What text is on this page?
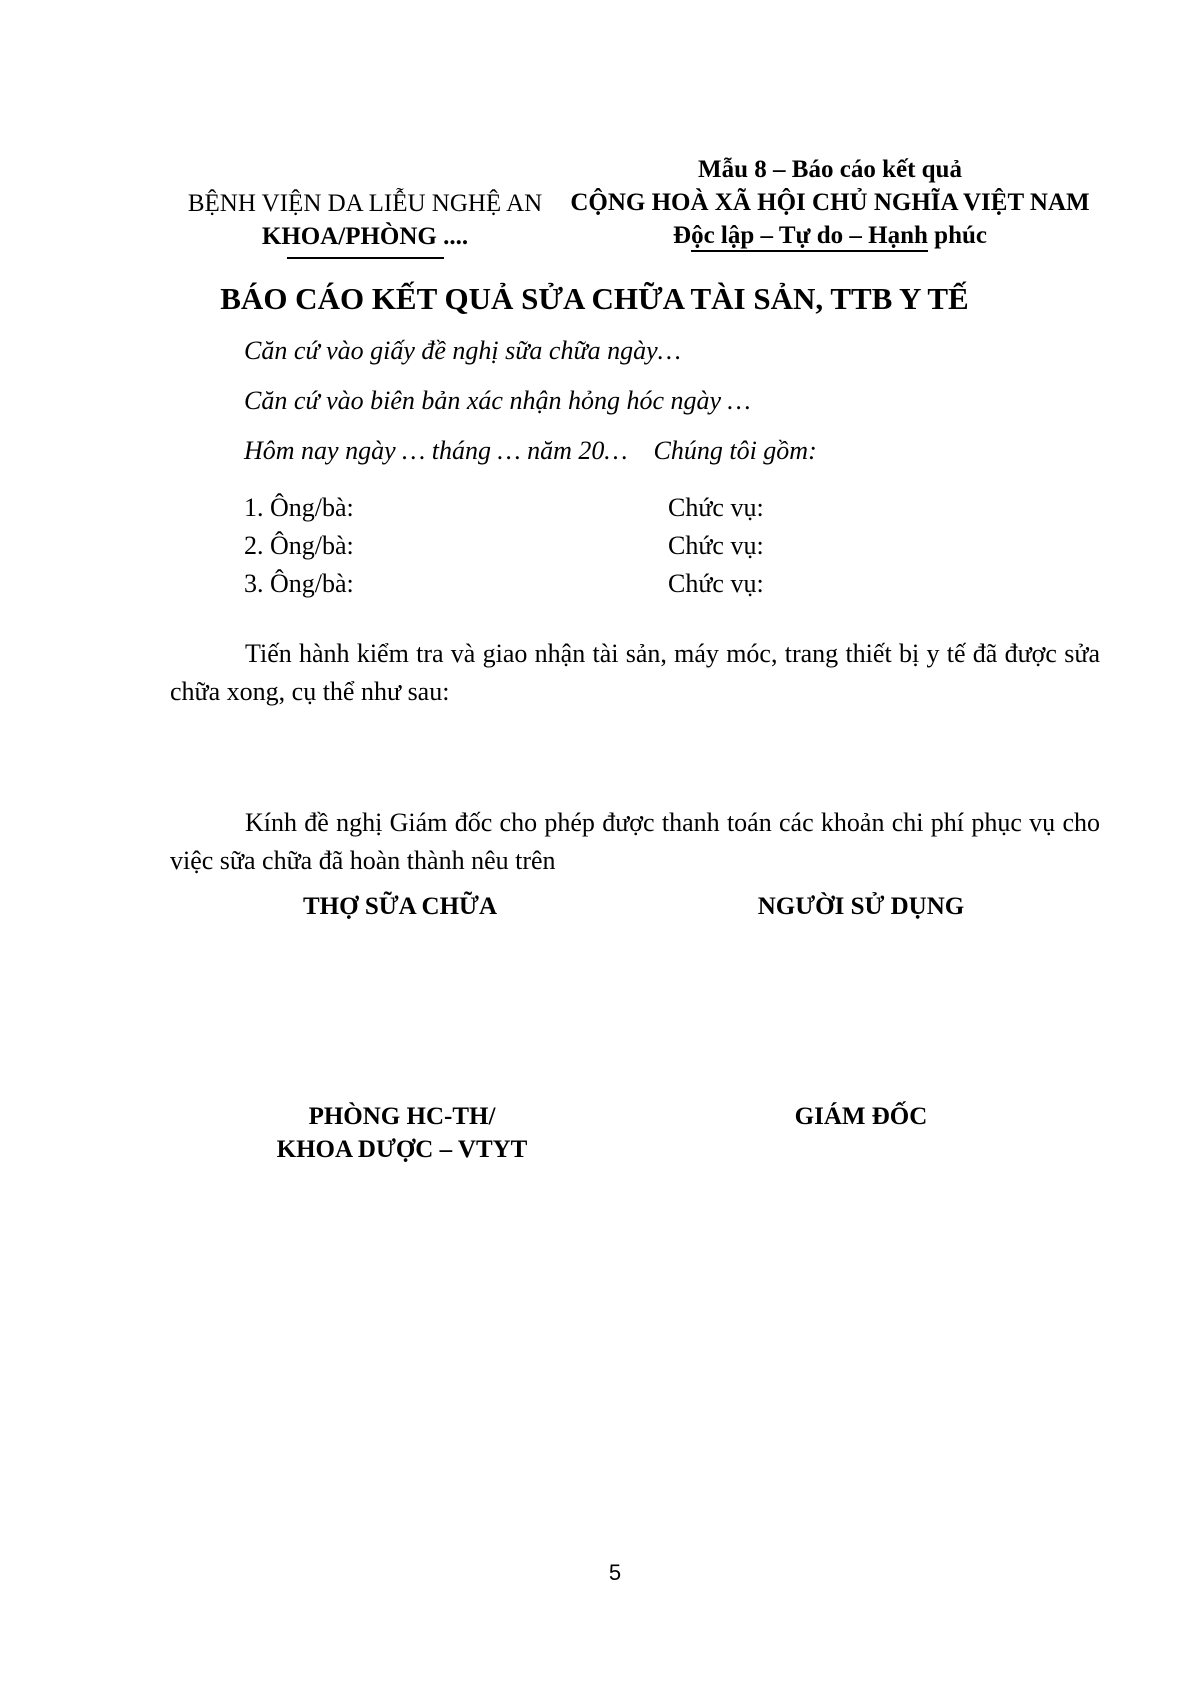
Mẫu 8 – Báo cáo kết quả
CỘNG HOÀ XÃ HỘI CHỦ NGHĨA VIỆT NAM
Độc lập – Tự do – Hạnh phúc
BỆNH VIỆN DA LIỄU NGHỆ AN
KHOA/PHÒNG ....
BÁO CÁO KẾT QUẢ SỬA CHỮA TÀI SẢN, TTB Y TẾ

Căn cứ vào giấy đề nghị sữa chữa ngày…

Căn cứ vào biên bản xác nhận hỏng hóc ngày …

Hôm nay ngày … tháng … năm 20… Chúng tôi gồm:

1. Ông/bà:	Chức vụ:
2. Ông/bà:	Chức vụ:
3. Ông/bà:	Chức vụ:
Tiến hành kiểm tra và giao nhận tài sản, máy móc, trang thiết bị y tế đã được sửa chữa xong, cụ thể như sau:
Kính đề nghị Giám đốc cho phép được thanh toán các khoản chi phí phục vụ cho việc sữa chữa đã hoàn thành nêu trên
THỢ SỮA CHỮA	NGƯỜI SỬ DỤNG
PHÒNG HC-TH/
KHOA DƯỢC – VTYT
GIÁM ĐỐC
5
